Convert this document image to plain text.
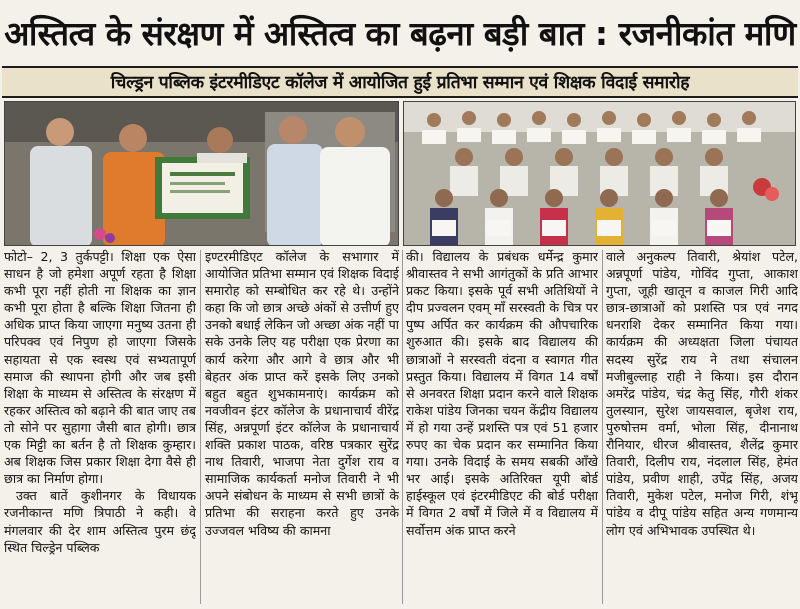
अस्तित्व के संरक्षण में अस्तित्व का बढ़ना बड़ी बात : रजनीकांत मणि
चिल्ड्रन पब्लिक इंटरमीडिएट कॉलेज में आयोजित हुई प्रतिभा सम्मान एवं शिक्षक विदाई समारोह

फोटो– 2, 3 तुर्कपट्टी। शिक्षा एक ऐसा साधन है जो हमेशा अपूर्ण रहता है शिक्षा कभी पूरा नहीं होती ना शिक्षक का ज्ञान कभी पूरा होता है बल्कि शिक्षा जितना ही अधिक प्राप्त किया जाएगा मनुष्य उतना ही परिपक्व एवं निपुण हो जाएगा जिसके सहायता से एक स्वस्थ एवं सभ्यतापूर्ण समाज की स्थापना होगी और जब इसी शिक्षा के माध्यम से अस्तित्व के संरक्षण में रहकर अस्तित्व को बढ़ाने की बात जाए तब तो सोने पर सुहागा जैसी बात होगी। छात्र एक मिट्टी का बर्तन है तो शिक्षक कुम्हार। अब शिक्षक जिस प्रकार शिक्षा देगा वैसे ही छात्र का निर्माण होगा।

उक्त बातें कुशीनगर के विधायक रजनीकान्त मणि त्रिपाठी ने कही। वे मंगलवार की देर शाम अस्तित्व पुरम छंदू स्थित चिल्ड्रेन पब्लिक

इण्टरमीडिएट कॉलेज के सभागार में आयोजित प्रतिभा सम्मान एवं शिक्षक विदाई समारोह को सम्बोधित कर रहे थे। उन्होंने कहा कि जो छात्र अच्छे अंकों से उत्तीर्ण हुए उनको बधाई लेकिन जो अच्छा अंक नहीं पा सके उनके लिए यह परीक्षा एक प्रेरणा का कार्य करेगा और आगे वे छात्र और भी बेहतर अंक प्राप्त करें इसके लिए उनको बहुत बहुत शुभकामनाएं। कार्यक्रम को नवजीवन इंटर कॉलेज के प्रधानाचार्य वीरेंद्र सिंह, अन्नपूर्णा इंटर कॉलेज के प्रधानाचार्य शक्ति प्रकाश पाठक, वरिष्ठ पत्रकार सुरेंद्र नाथ तिवारी, भाजपा नेता दुर्गेश राय व सामाजिक कार्यकर्ता मनोज तिवारी ने भी अपने संबोधन के माध्यम से सभी छात्रों के प्रतिभा की सराहना करते हुए उनके उज्जवल भविष्य की कामना

की। विद्यालय के प्रबंधक धर्मेन्द्र कुमार श्रीवास्तव ने सभी आगंतुकों के प्रति आभार प्रकट किया। इसके पूर्व सभी अतिथियों ने दीप प्रज्वलन एवम् माँ सरस्वती के चित्र पर पुष्प अर्पित कर कार्यक्रम की औपचारिक शुरुआत की। इसके बाद विद्यालय की छात्राओं ने सरस्वती वंदना व स्वागत गीत प्रस्तुत किया। विद्यालय में विगत 14 वर्षों से अनवरत शिक्षा प्रदान करने वाले शिक्षक राकेश पांडेय जिनका चयन केंद्रीय विद्यालय में हो गया उन्हें प्रशस्ति पत्र एवं 51 हजार रुपए का चेक प्रदान कर सम्मानित किया गया। उनके विदाई के समय सबकी आँखे भर आई। इसके अतिरिक्त यूपी बोर्ड हाईस्कूल एवं इंटरमीडिएट की बोर्ड परीक्षा में विगत 2 वर्षों में जिले में व विद्यालय में सर्वोत्तम अंक प्राप्त करने

वाले अनुकल्प तिवारी, श्रेयांश पटेल, अन्नपूर्णा पांडेय, गोविंद गुप्ता, आकाश गुप्ता, जूही खातून व काजल गिरी आदि छात्र-छात्राओं को प्रशस्ति पत्र एवं नगद धनराशि देकर सम्मानित किया गया। कार्यक्रम की अध्यक्षता जिला पंचायत सदस्य सुरेंद्र राय ने तथा संचालन मजीबुल्लाह राही ने किया। इस दौरान अमरेंद्र पांडेय, चंद्र केतु सिंह, गौरी शंकर तुलस्यान, सुरेश जायसवाल, बृजेश राय, पुरुषोत्तम वर्मा, भोला सिंह, दीनानाथ रौनियार, धीरज श्रीवास्तव, शैलेंद्र कुमार तिवारी, दिलीप राय, नंदलाल सिंह, हेमंत पांडेय, प्रवीण शाही, उपेंद्र सिंह, अजय तिवारी, मुकेश पटेल, मनोज गिरी, शंभू पांडेय व दीपू पांडेय सहित अन्य गणमान्य लोग एवं अभिभावक उपस्थित थे।
